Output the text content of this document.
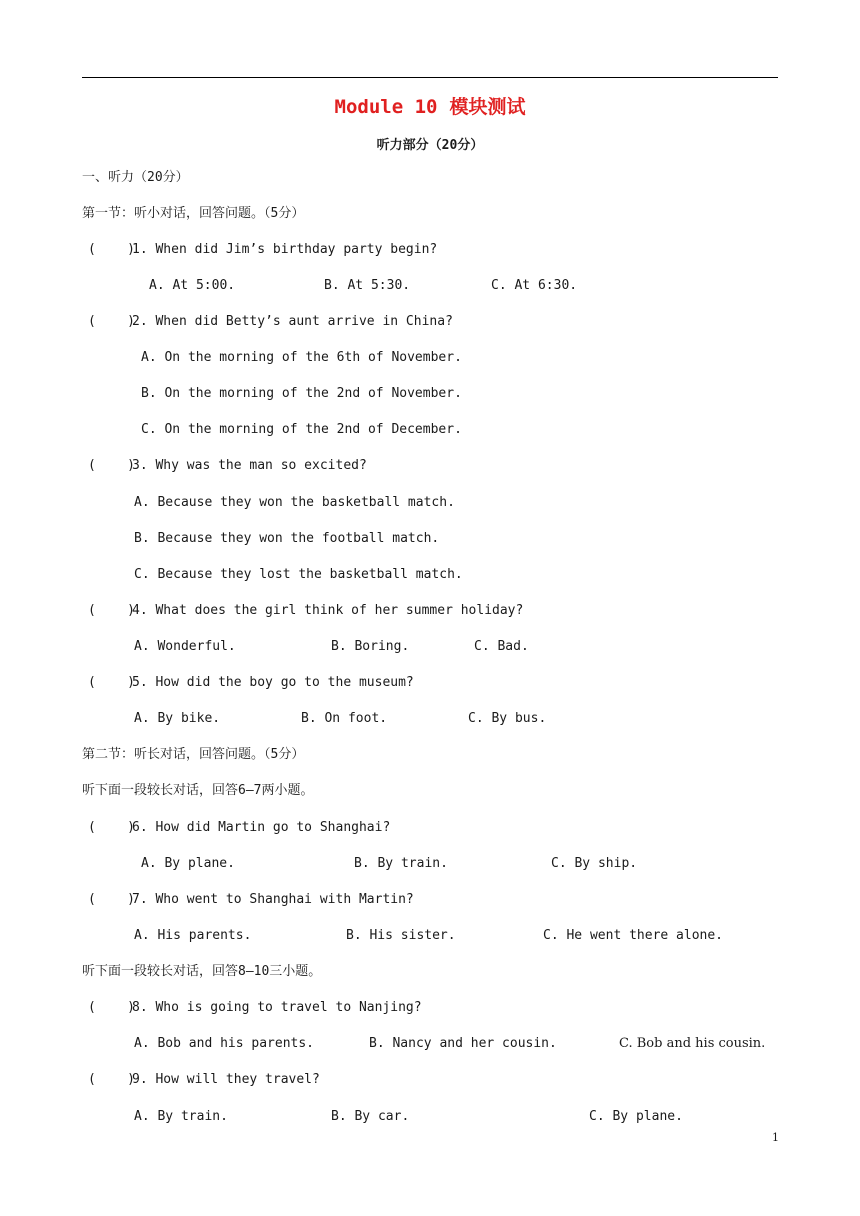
Module 10 模块测试
听力部分（20分）
一、听力（20分）
第一节：听小对话，回答问题。（5分）
(    )1. When did Jim’s birthday party begin?
A. At 5:00.	B. At 5:30.	C. At 6:30.
(    )2. When did Betty’s aunt arrive in China?
A. On the morning of the 6th of November.
B. On the morning of the 2nd of November.
C. On the morning of the 2nd of December.
(    )3. Why was the man so excited?
A. Because they won the basketball match.
B. Because they won the football match.
C. Because they lost the basketball match.
(    )4. What does the girl think of her summer holiday?
A. Wonderful.	B. Boring.	C. Bad.
(    )5. How did the boy go to the museum?
A. By bike.	B. On foot.	C. By bus.
第二节：听长对话，回答问题。（5分）
听下面一段较长对话，回答6—7两小题。
(    )6. How did Martin go to Shanghai?
A. By plane.	B. By train.	C. By ship.
(    )7. Who went to Shanghai with Martin?
A. His parents.	B. His sister.	C. He went there alone.
听下面一段较长对话，回答8—10三小题。
(    )8. Who is going to travel to Nanjing?
A. Bob and his parents.	B. Nancy and her cousin.	C. Bob and his cousin.
(    )9. How will they travel?
A. By train.	B. By car.	C. By plane.
1
